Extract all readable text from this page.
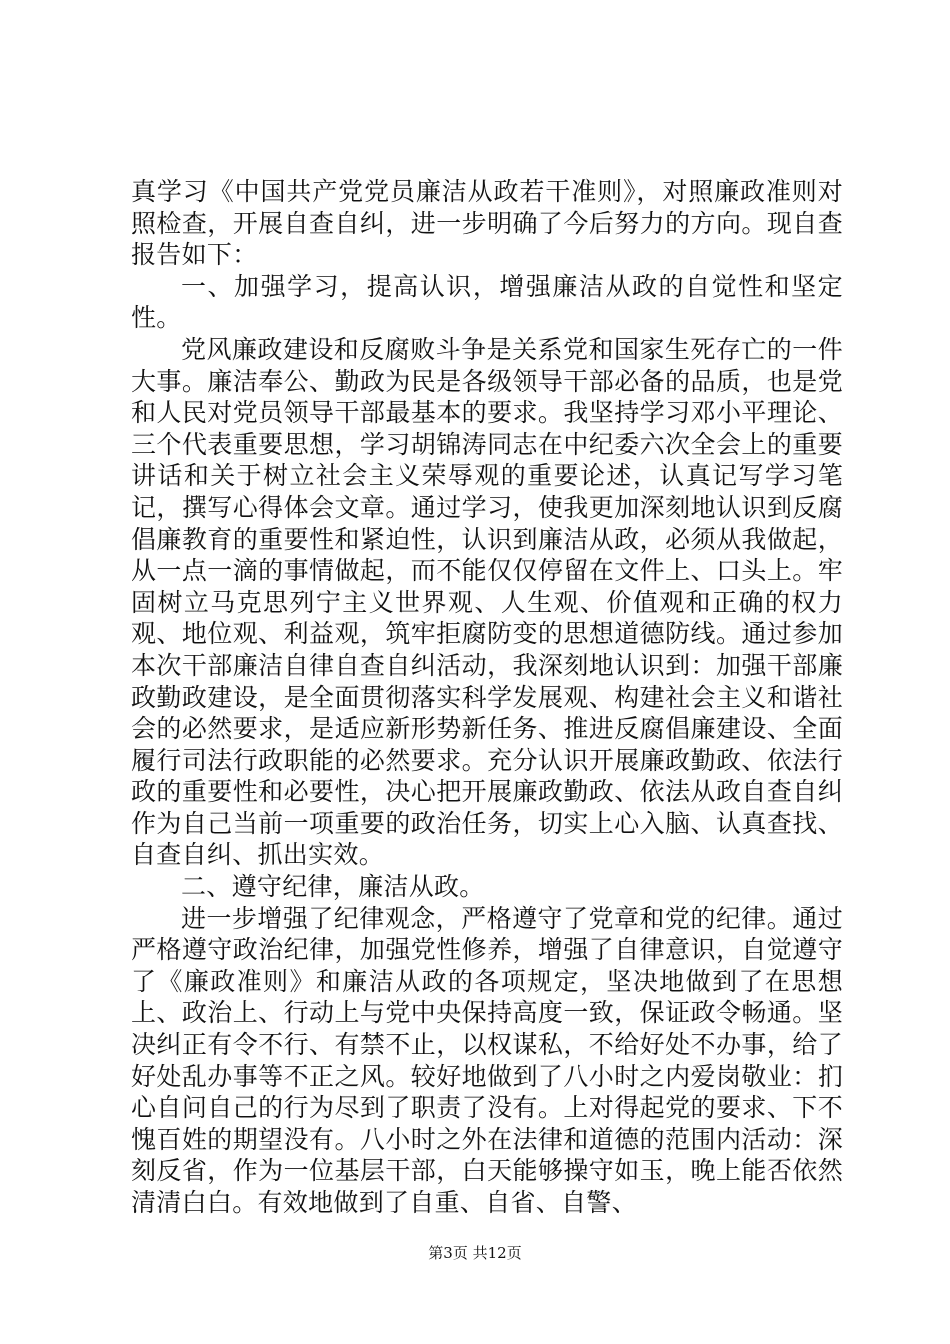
真学习《中国共产党党员廉洁从政若干准则》，对照廉政准则对照检查，开展自查自纠，进一步明确了今后努力的方向。现自查报告如下：

一、加强学习，提高认识，增强廉洁从政的自觉性和坚定性。

党风廉政建设和反腐败斗争是关系党和国家生死存亡的一件大事。廉洁奉公、勤政为民是各级领导干部必备的品质，也是党和人民对党员领导干部最基本的要求。我坚持学习邓小平理论、三个代表重要思想，学习胡锦涛同志在中纪委六次全会上的重要讲话和关于树立社会主义荣辱观的重要论述，认真记写学习笔记，撰写心得体会文章。通过学习，使我更加深刻地认识到反腐倡廉教育的重要性和紧迫性，认识到廉洁从政，必须从我做起，从一点一滴的事情做起，而不能仅仅停留在文件上、口头上。牢固树立马克思列宁主义世界观、人生观、价值观和正确的权力观、地位观、利益观，筑牢拒腐防变的思想道德防线。通过参加本次干部廉洁自律自查自纠活动，我深刻地认识到：加强干部廉政勤政建设，是全面贯彻落实科学发展观、构建社会主义和谐社会的必然要求，是适应新形势新任务、推进反腐倡廉建设、全面履行司法行政职能的必然要求。充分认识开展廉政勤政、依法行政的重要性和必要性，决心把开展廉政勤政、依法从政自查自纠作为自己当前一项重要的政治任务，切实上心入脑、认真查找、自查自纠、抓出实效。

二、遵守纪律，廉洁从政。

进一步增强了纪律观念，严格遵守了党章和党的纪律。通过严格遵守政治纪律，加强党性修养，增强了自律意识，自觉遵守了《廉政准则》和廉洁从政的各项规定，坚决地做到了在思想上、政治上、行动上与党中央保持高度一致，保证政令畅通。坚决纠正有令不行、有禁不止，以权谋私，不给好处不办事，给了好处乱办事等不正之风。较好地做到了八小时之内爱岗敬业：扪心自问自己的行为尽到了职责了没有。上对得起党的要求、下不愧百姓的期望没有。八小时之外在法律和道德的范围内活动：深刻反省，作为一位基层干部，白天能够操守如玉，晚上能否依然清清白白。有效地做到了自重、自省、自警、

第3页 共12页
